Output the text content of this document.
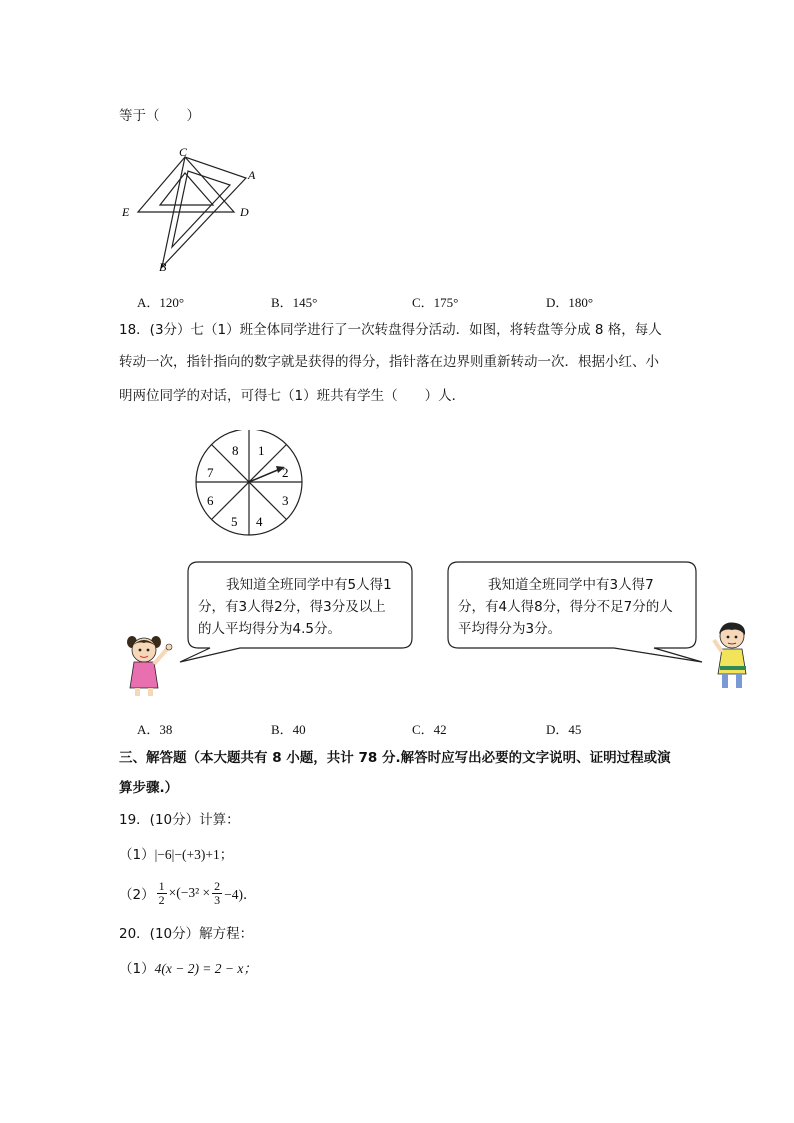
等于（　　）
C
A
E	D
B
A．120°	B．145°	C．175°	D．180°
18．(3分）七（1）班全体同学进行了一次转盘得分活动．如图，将转盘等分成 8 格，每人
转动一次，指针指向的数字就是获得的得分，指针落在边界则重新转动一次．根据小红、小
明两位同学的对话，可得七（1）班共有学生（　　）人．
1
2
3
4
5
6
7
8
我知道全班同学中有5人得1
分，有3人得2分，得3分及以上
的人平均得分为4.5分。
我知道全班同学中有3人得7
分，有4人得8分，得分不足7分的人
平均得分为3分。
A．38	B．40	C．42	D．45
三、解答题（本大题共有 8 小题，共计 78 分.解答时应写出必要的文字说明、证明过程或演
算步骤.）
19．(10分）计算：
（1）|−6|−(+3)+1；
$(2) \frac{1}{2} \times(-3^2 \times \frac{2}{3} -4)$．
20．(10分）解方程：
（1）4(x − 2) = 2 − x；
